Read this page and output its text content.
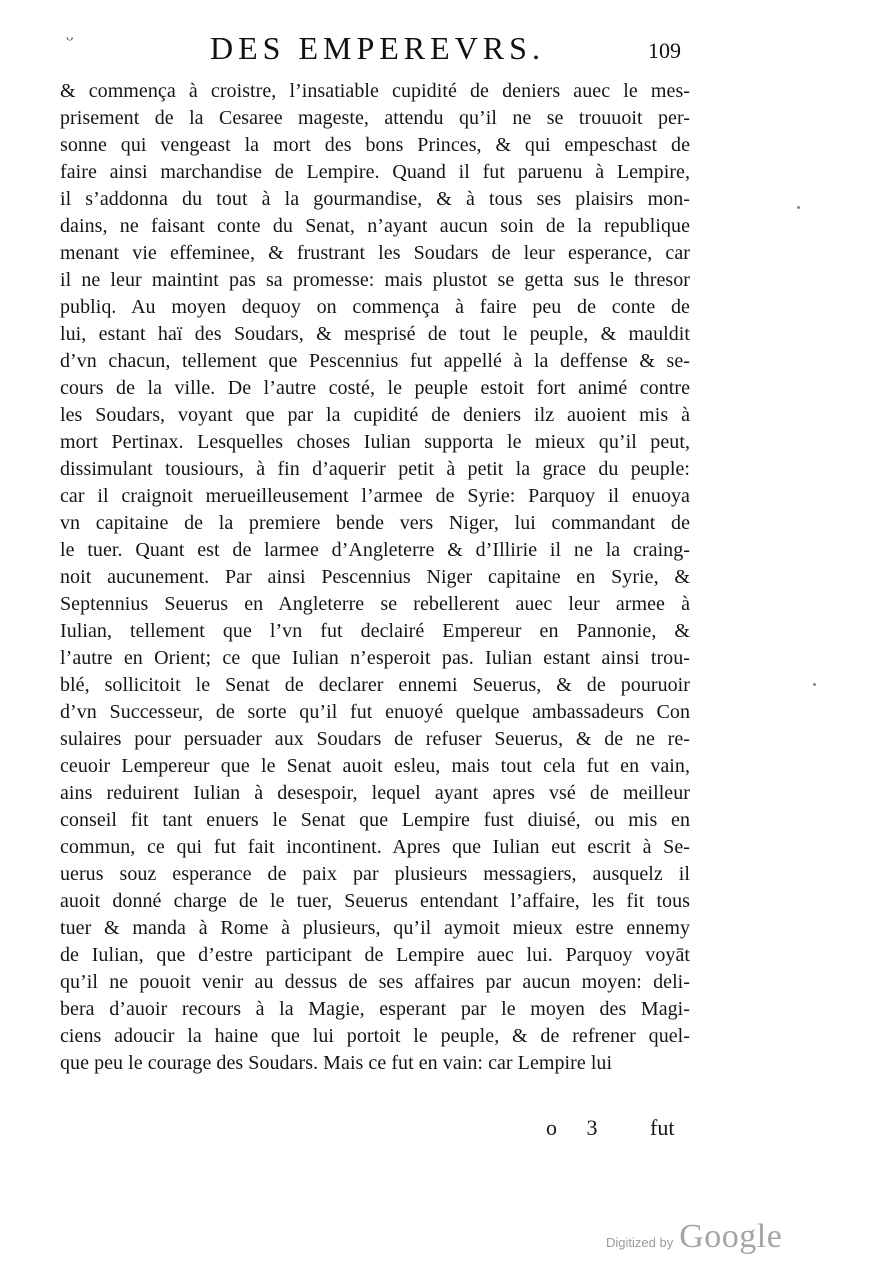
ᵕ	DES EMPEREVRS.	109
& commença à croistre, l’insatiable cupidité de deniers auec le mes-
prisement de la Cesaree mageste, attendu qu’il ne se trouuoit per-
sonne qui vengeast la mort des bons Princes, & qui empeschast de
faire ainsi marchandise de Lempire. Quand il fut paruenu à Lempire,
il s’addonna du tout à la gourmandise, & à tous ses plaisirs mon-
dains, ne faisant conte du Senat, n’ayant aucun soin de la republique
menant vie effeminee, & frustrant les Soudars de leur esperance, car
il ne leur maintint pas sa promesse: mais plustot se getta sus le thresor
publiq. Au moyen dequoy on commença à faire peu de conte de
lui, estant haï des Soudars, & mesprisé de tout le peuple, & mauldit
d’vn chacun, tellement que Pescennius fut appellé à la deffense & se-
cours de la ville. De l’autre costé, le peuple estoit fort animé contre
les Soudars, voyant que par la cupidité de deniers ilz auoient mis à
mort Pertinax. Lesquelles choses Iulian supporta le mieux qu’il peut,
dissimulant tousiours, à fin d’aquerir petit à petit la grace du peuple:
car il craignoit merueilleusement l’armee de Syrie: Parquoy il enuoya
vn capitaine de la premiere bende vers Niger, lui commandant de
le tuer. Quant est de larmee d’Angleterre & d’Illirie il ne la craing-
noit aucunement. Par ainsi Pescennius Niger capitaine en Syrie, &
Septennius Seuerus en Angleterre se rebellerent auec leur armee à
Iulian, tellement que l’vn fut declairé Empereur en Pannonie, &
l’autre en Orient; ce que Iulian n’esperoit pas. Iulian estant ainsi trou-
blé, sollicitoit le Senat de declarer ennemi Seuerus, & de pouruoir
d’vn Successeur, de sorte qu’il fut enuoyé quelque ambassadeurs Con
sulaires pour persuader aux Soudars de refuser Seuerus, & de ne re-
ceuoir Lempereur que le Senat auoit esleu, mais tout cela fut en vain,
ains reduirent Iulian à desespoir, lequel ayant apres vsé de meilleur
conseil fit tant enuers le Senat que Lempire fust diuisé, ou mis en
commun, ce qui fut fait incontinent. Apres que Iulian eut escrit à Se-
uerus souz esperance de paix par plusieurs messagiers, ausquelz il
auoit donné charge de le tuer, Seuerus entendant l’affaire, les fit tous
tuer & manda à Rome à plusieurs, qu’il aymoit mieux estre ennemy
de Iulian, que d’estre participant de Lempire auec lui. Parquoy voyāt
qu’il ne pouoit venir au dessus de ses affaires par aucun moyen: deli-
bera d’auoir recours à la Magie, esperant par le moyen des Magi-
ciens adoucir la haine que lui portoit le peuple, & de refrener quel-
que peu le courage des Soudars. Mais ce fut en vain: car Lempire lui
o 3 fut
Digitized by Google
